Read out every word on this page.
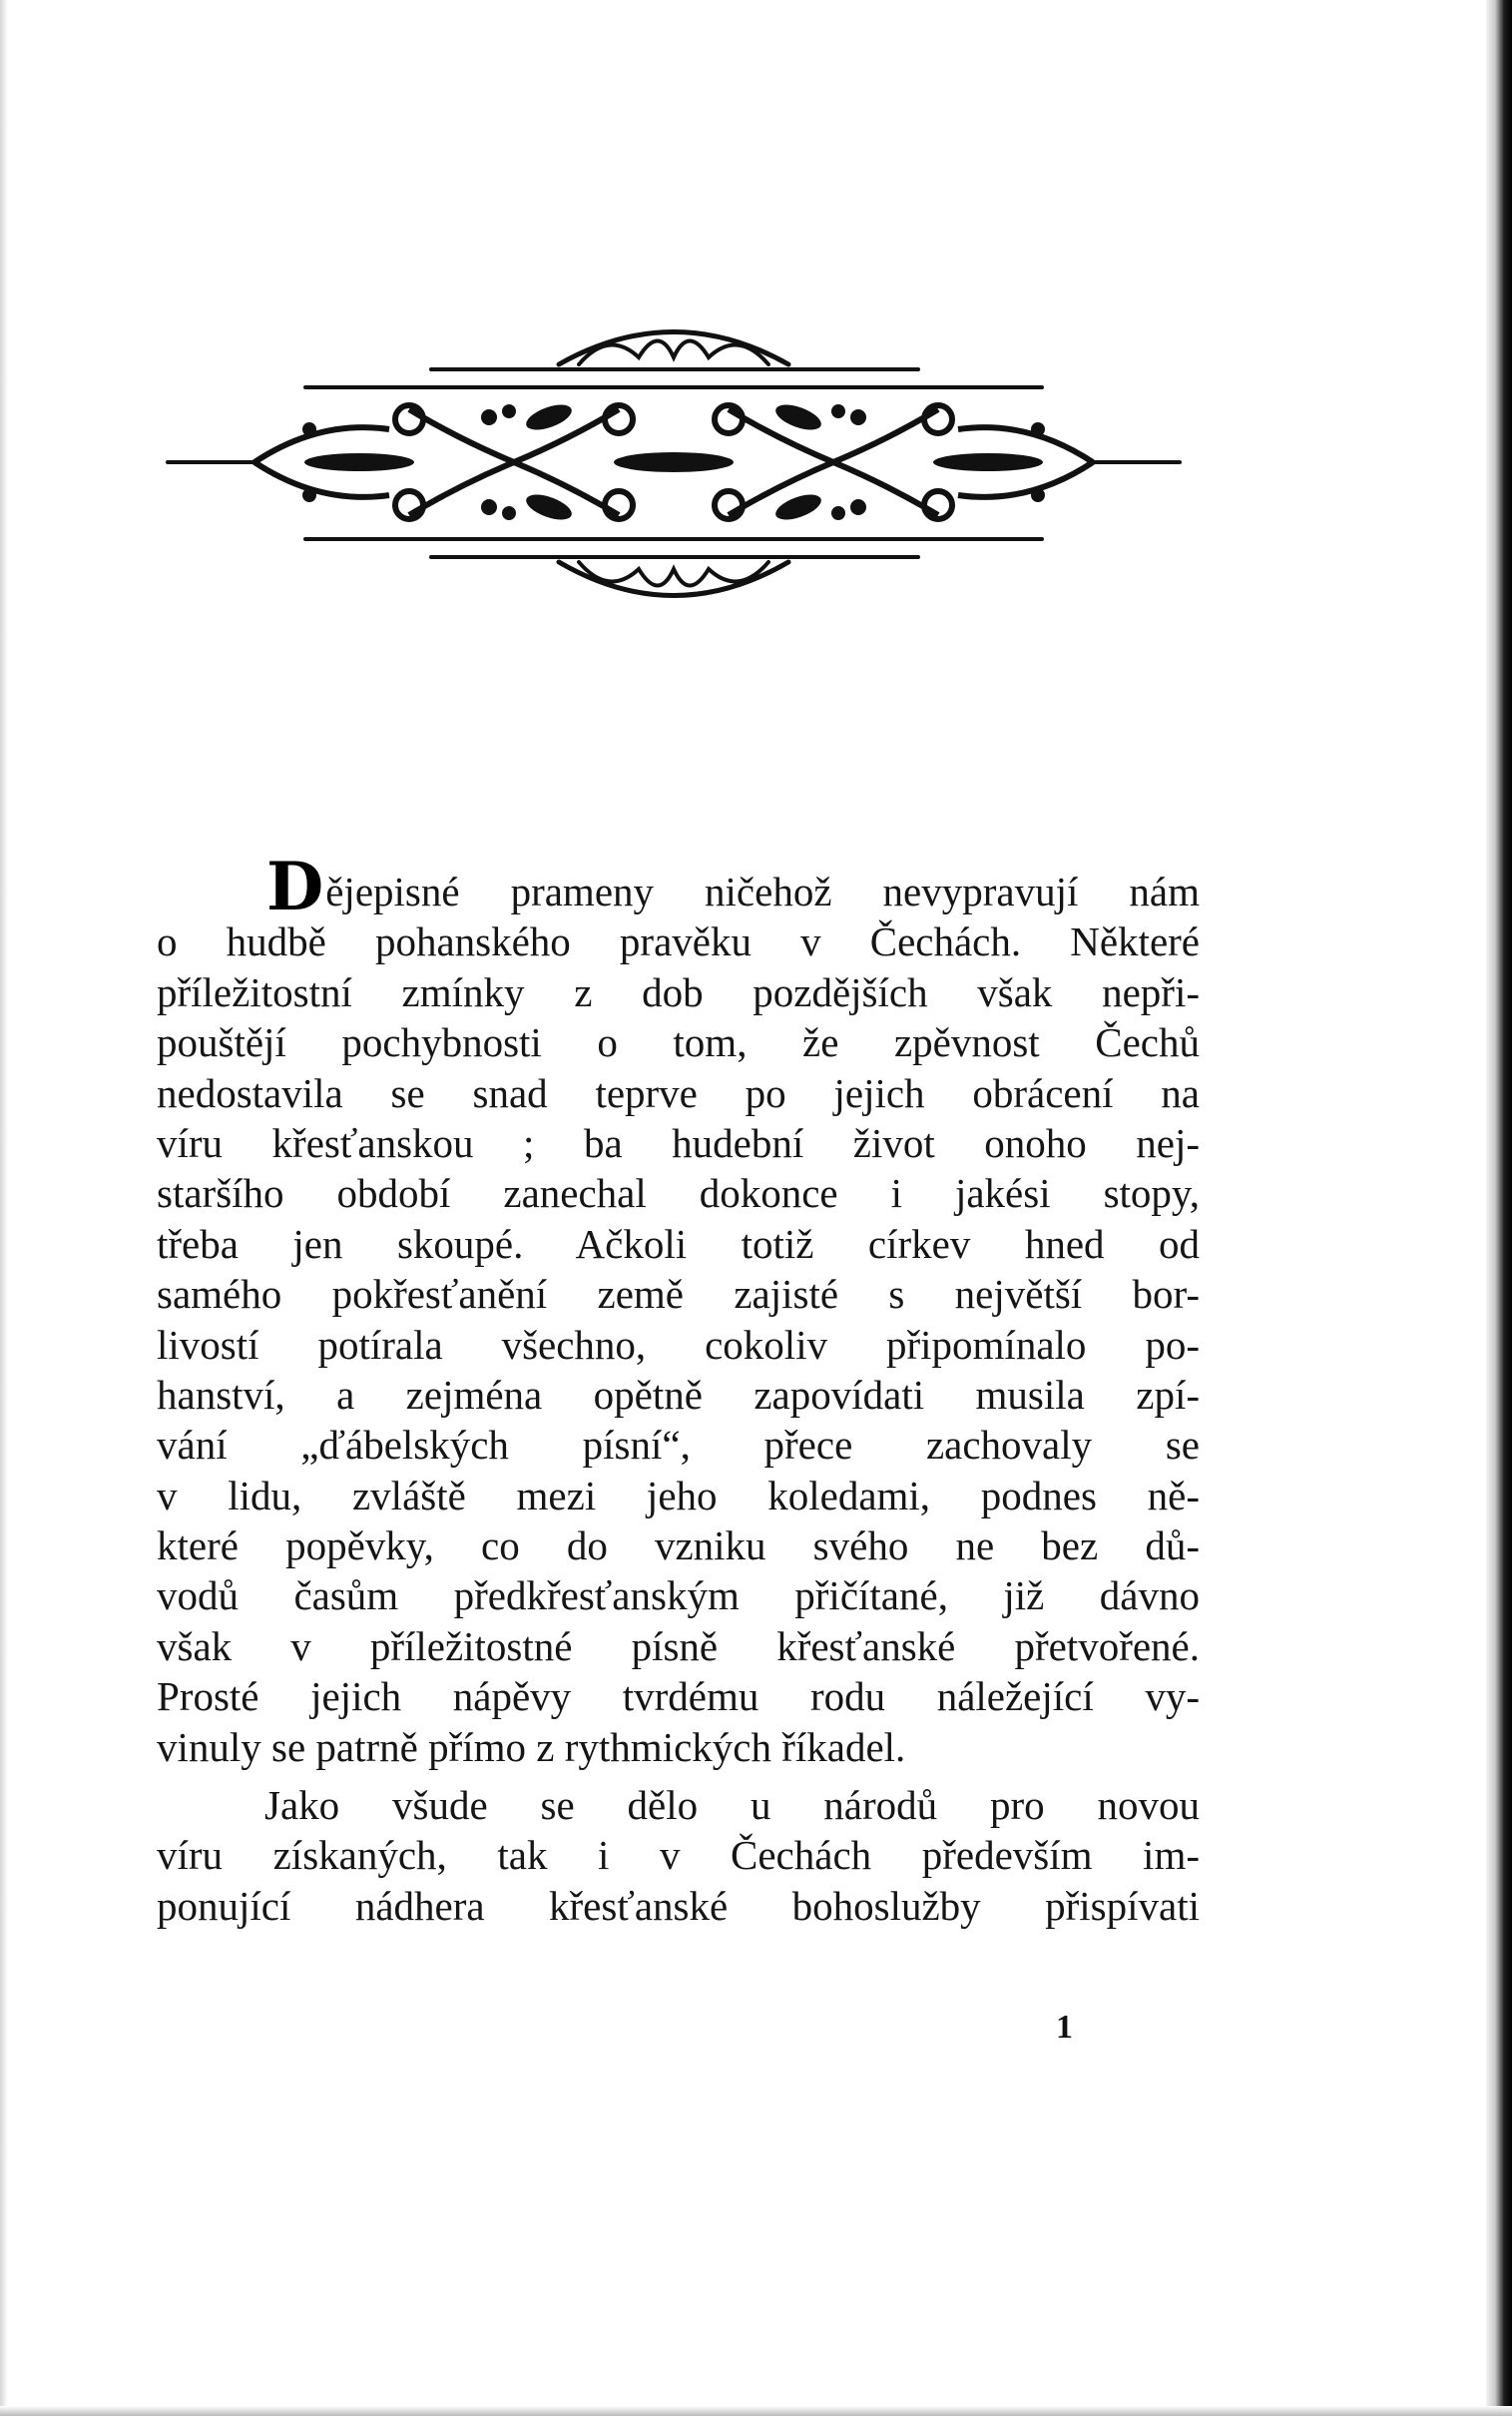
Dějepisné prameny ničehož nevypravují nám
o hudbě pohanského pravěku v Čechách. Některé
příležitostní zmínky z dob pozdějších však nepři-
pouštějí pochybnosti o tom, že zpěvnost Čechů
nedostavila se snad teprve po jejich obrácení na
víru křesťanskou ; ba hudební život onoho nej-
staršího období zanechal dokonce i jakési stopy,
třeba jen skoupé. Ačkoli totiž církev hned od
samého pokřesťanění země zajisté s největší bor-
livostí potírala všechno, cokoliv připomínalo po-
hanství, a zejména opětně zapovídati musila zpí-
vání „ďábelských písní“, přece zachovaly se
v lidu, zvláště mezi jeho koledami, podnes ně-
které popěvky, co do vzniku svého ne bez dů-
vodů časům předkřesťanským přičítané, již dávno
však v příležitostné písně křesťanské přetvořené.
Prosté jejich nápěvy tvrdému rodu náležející vy-
vinuly se patrně přímo z rythmických říkadel.
Jako všude se dělo u národů pro novou
víru získaných, tak i v Čechách především im-
ponující nádhera křesťanské bohoslužby přispívati
1
